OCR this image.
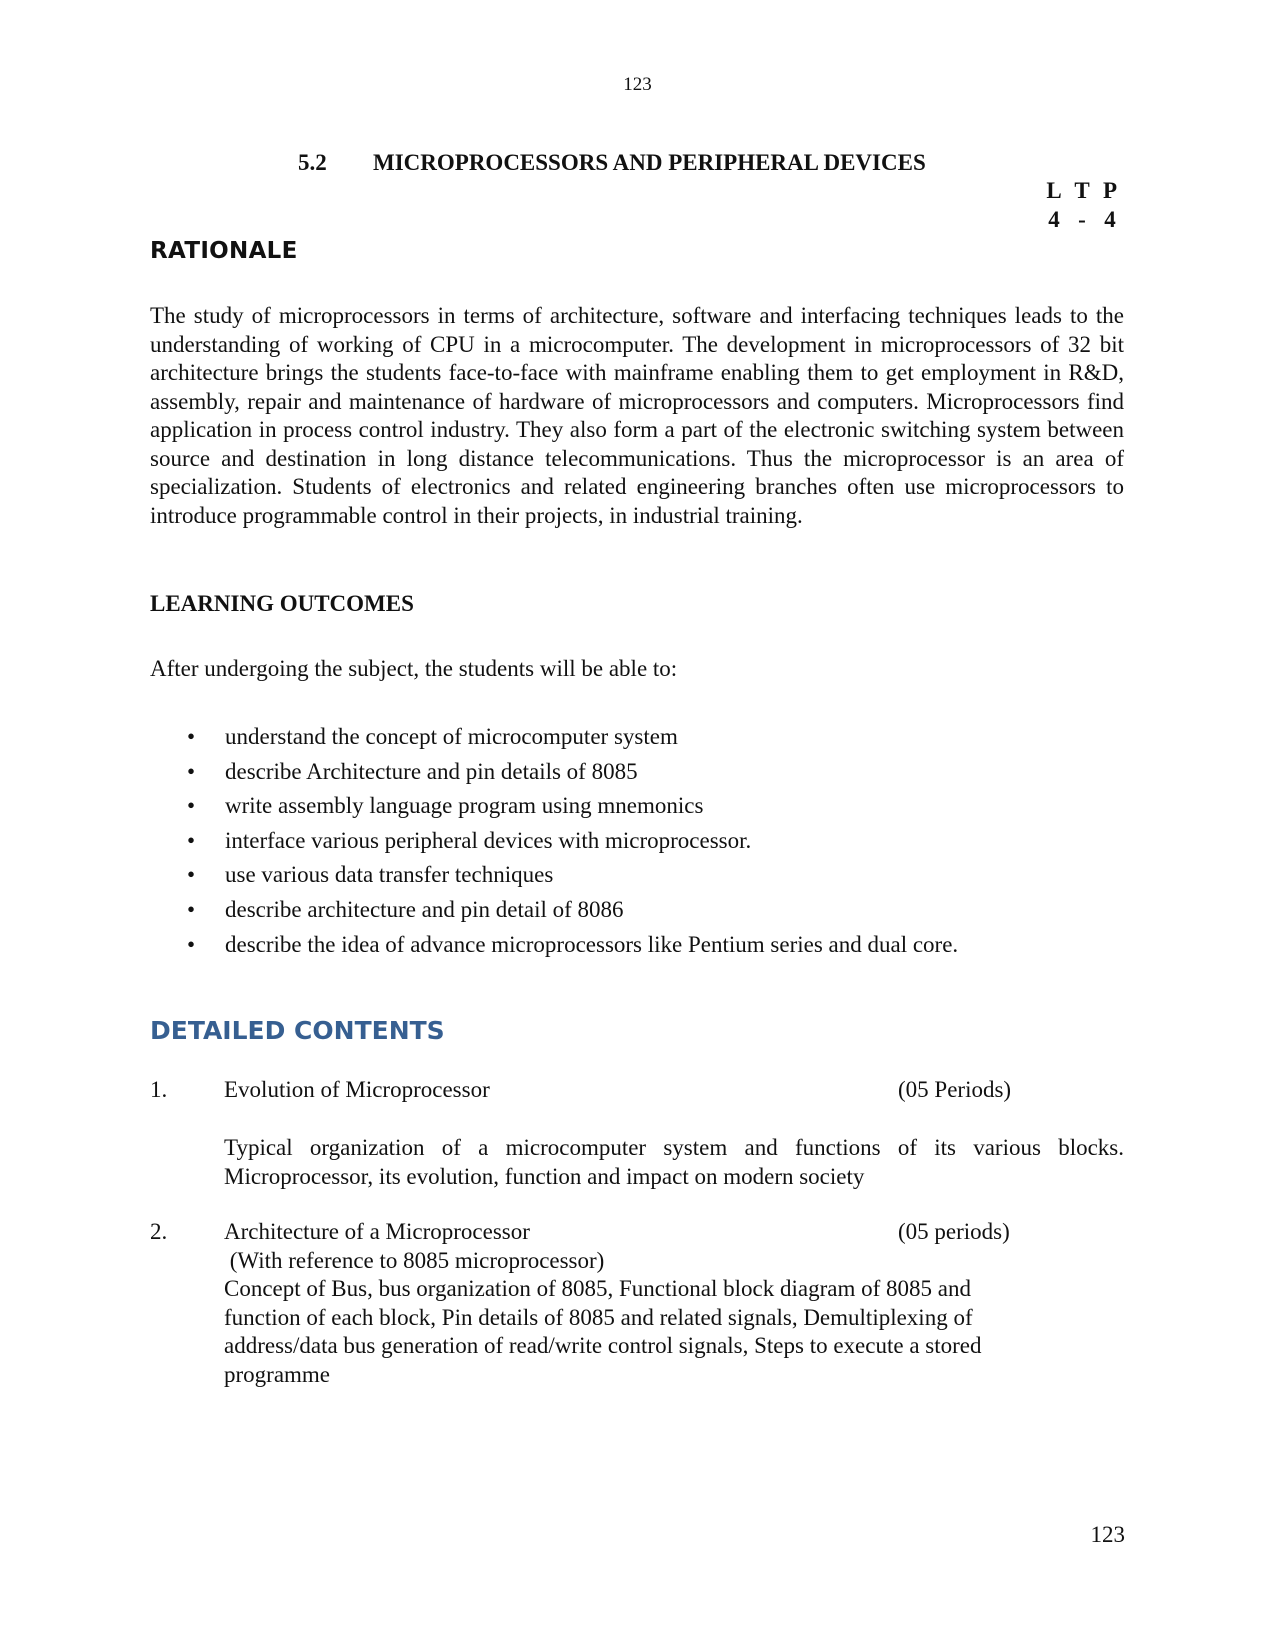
123
5.2 MICROPROCESSORS AND PERIPHERAL DEVICES
L T P
4 - 4
RATIONALE

The study of microprocessors in terms of architecture, software and interfacing techniques leads to the understanding of working of CPU in a microcomputer. The development in microprocessors of 32 bit architecture brings the students face-to-face with mainframe enabling them to get employment in R&D, assembly, repair and maintenance of hardware of microprocessors and computers. Microprocessors find application in process control industry. They also form a part of the electronic switching system between source and destination in long distance telecommunications. Thus the microprocessor is an area of specialization. Students of electronics and related engineering branches often use microprocessors to introduce programmable control in their projects, in industrial training.

LEARNING OUTCOMES
After undergoing the subject, the students will be able to:
• understand the concept of microcomputer system
• describe Architecture and pin details of 8085
• write assembly language program using mnemonics
• interface various peripheral devices with microprocessor.
• use various data transfer techniques
• describe architecture and pin detail of 8086
• describe the idea of advance microprocessors like Pentium series and dual core.
DETAILED CONTENTS
1. Evolution of Microprocessor	(05 Periods)

Typical organization of a microcomputer system and functions of its various blocks. Microprocessor, its evolution, function and impact on modern society

2. Architecture of a Microprocessor	(05 periods)
(With reference to 8085 microprocessor)
Concept of Bus, bus organization of 8085, Functional block diagram of 8085 and
function of each block, Pin details of 8085 and related signals, Demultiplexing of
address/data bus generation of read/write control signals, Steps to execute a stored
programme
123
